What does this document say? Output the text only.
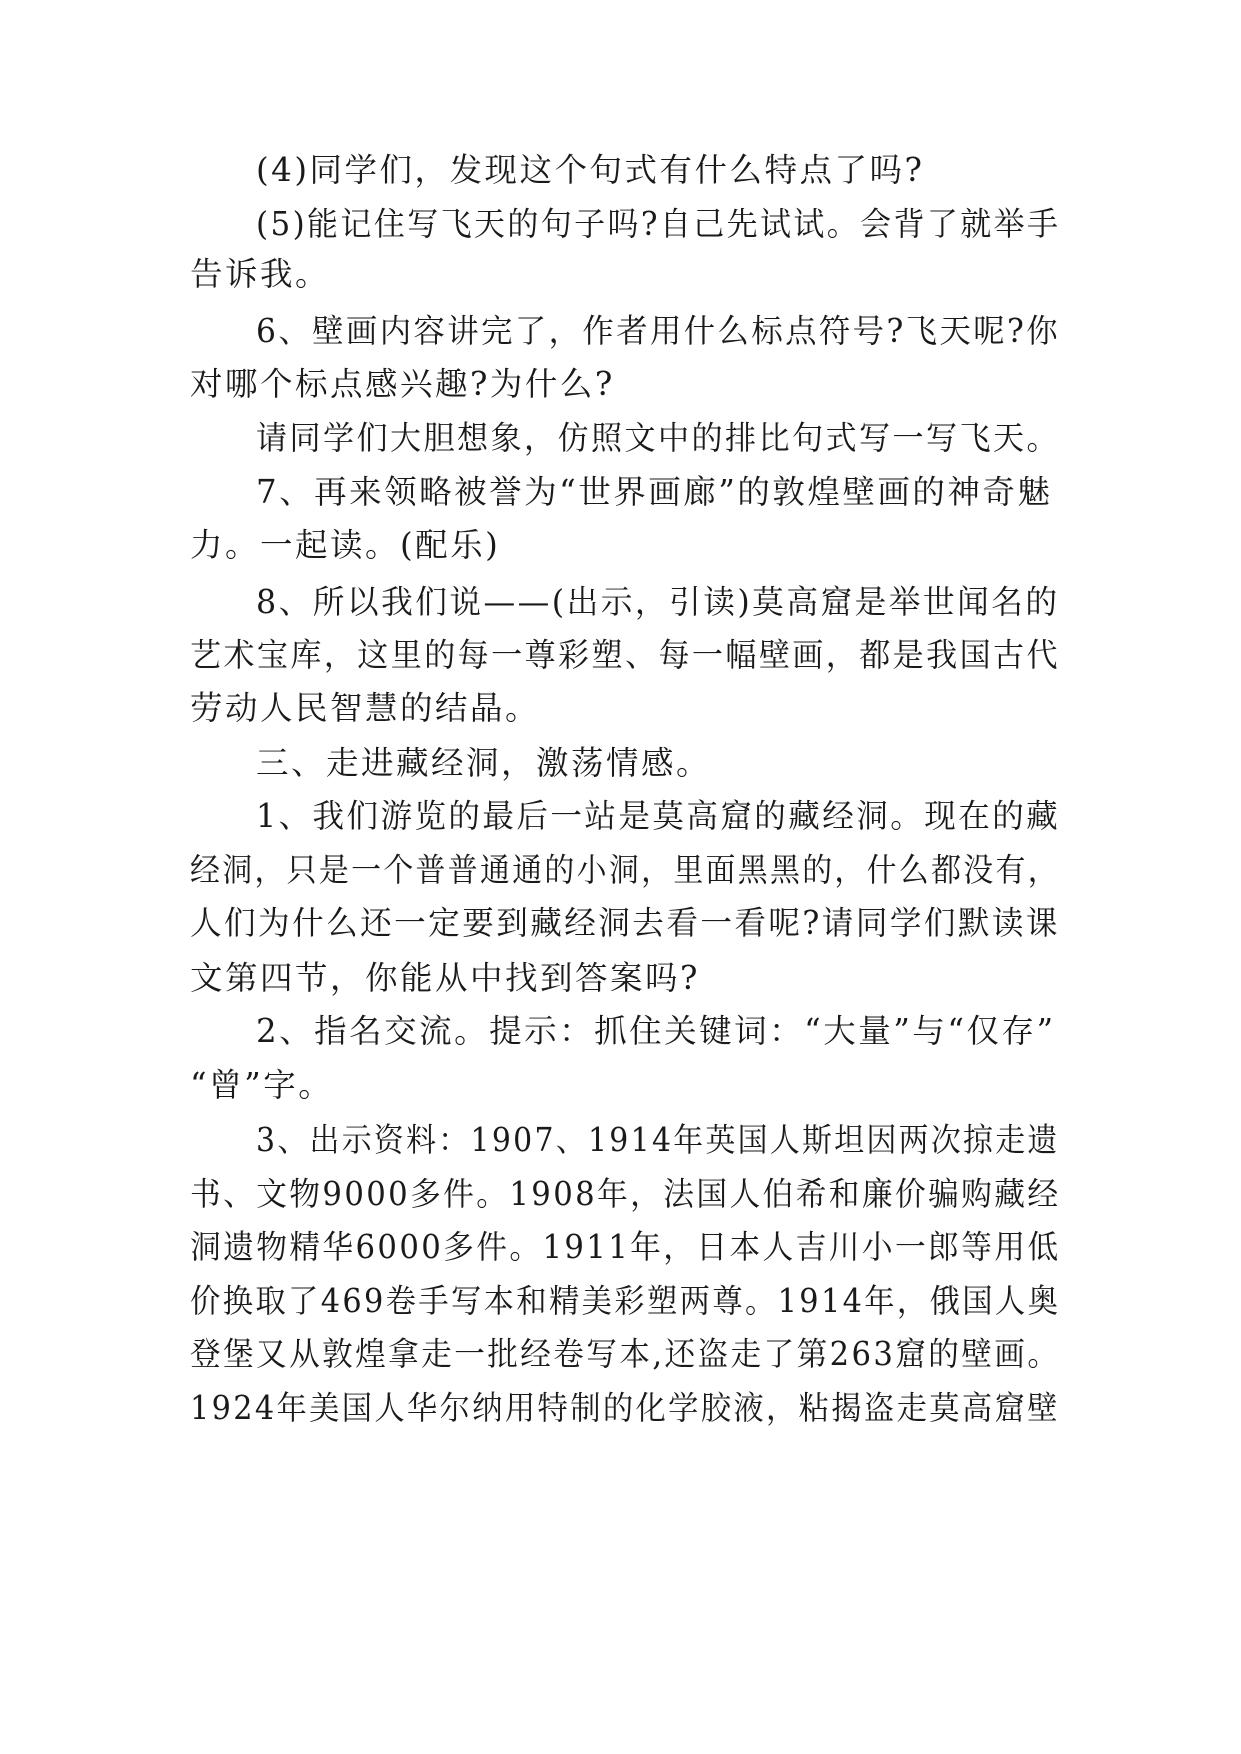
(4)同学们，发现这个句式有什么特点了吗?
(5)能记住写飞天的句子吗?自己先试试。会背了就举手
告诉我。
6、壁画内容讲完了，作者用什么标点符号?飞天呢?你
对哪个标点感兴趣?为什么?
请同学们大胆想象，仿照文中的排比句式写一写飞天。
7、再来领略被誉为“世界画廊”的敦煌壁画的神奇魅
力。一起读。(配乐)
8、所以我们说——(出示，引读)莫高窟是举世闻名的
艺术宝库，这里的每一尊彩塑、每一幅壁画，都是我国古代
劳动人民智慧的结晶。
三、走进藏经洞，激荡情感。
1、我们游览的最后一站是莫高窟的藏经洞。现在的藏
经洞，只是一个普普通通的小洞，里面黑黑的，什么都没有，
人们为什么还一定要到藏经洞去看一看呢?请同学们默读课
文第四节，你能从中找到答案吗?
2、指名交流。提示：抓住关键词：“大量”与“仅存”
“曾”字。
3、出示资料：1907、1914年英国人斯坦因两次掠走遗
书、文物9000多件。1908年，法国人伯希和廉价骗购藏经
洞遗物精华6000多件。1911年，日本人吉川小一郎等用低
价换取了469卷手写本和精美彩塑两尊。1914年，俄国人奥
登堡又从敦煌拿走一批经卷写本,还盗走了第263窟的壁画。
1924年美国人华尔纳用特制的化学胶液，粘揭盗走莫高窟壁
